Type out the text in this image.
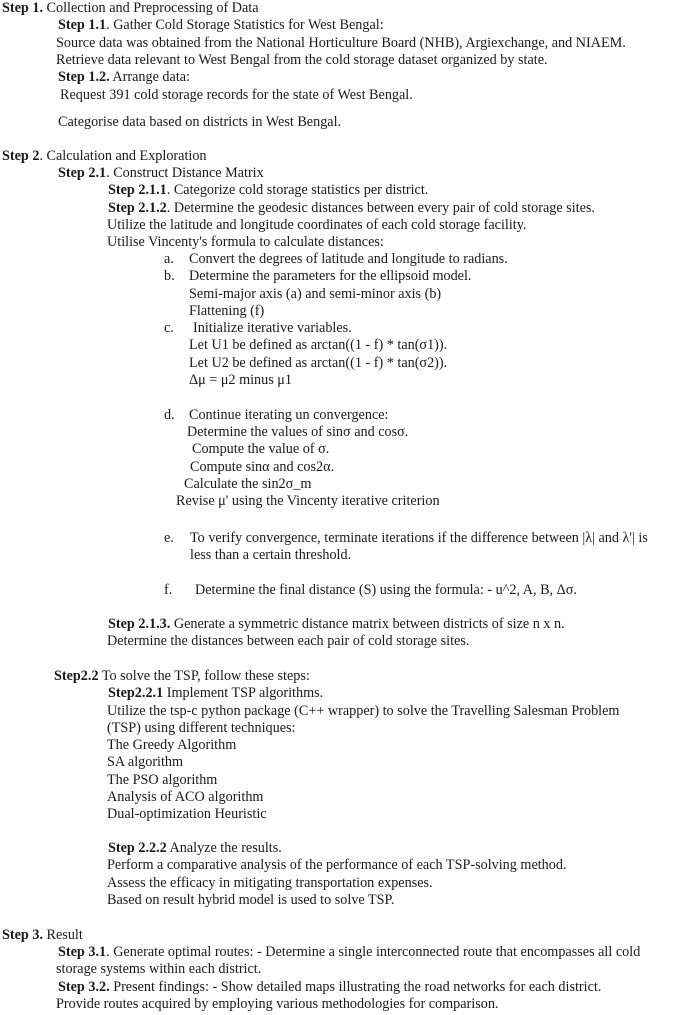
Step 1. Collection and Preprocessing of Data
Step 1.1. Gather Cold Storage Statistics for West Bengal:
Source data was obtained from the National Horticulture Board (NHB), Argiexchange, and NIAEM.
Retrieve data relevant to West Bengal from the cold storage dataset organized by state.
Step 1.2. Arrange data:
Request 391 cold storage records for the state of West Bengal.
Categorise data based on districts in West Bengal.
Step 2. Calculation and Exploration
Step 2.1. Construct Distance Matrix
Step 2.1.1. Categorize cold storage statistics per district.
Step 2.1.2. Determine the geodesic distances between every pair of cold storage sites.
Utilize the latitude and longitude coordinates of each cold storage facility.
Utilise Vincenty's formula to calculate distances:
a. Convert the degrees of latitude and longitude to radians.
b. Determine the parameters for the ellipsoid model.
Semi-major axis (a) and semi-minor axis (b)
Flattening (f)
c. Initialize iterative variables.
Let U1 be defined as arctan((1 - f) * tan(σ1)).
Let U2 be defined as arctan((1 - f) * tan(σ2)).
Δμ = μ2 minus μ1
d. Continue iterating un convergence:
Determine the values of sinσ and cosσ.
Compute the value of σ.
Compute sinα and cos2α.
Calculate the sin2σ_m
Revise μ' using the Vincenty iterative criterion
e. To verify convergence, terminate iterations if the difference between |λ| and λ'| is
less than a certain threshold.
f. Determine the final distance (S) using the formula: - u^2, A, B, Δσ.
Step 2.1.3. Generate a symmetric distance matrix between districts of size n x n.
Determine the distances between each pair of cold storage sites.
Step2.2 To solve the TSP, follow these steps:
Step2.2.1 Implement TSP algorithms.
Utilize the tsp-c python package (C++ wrapper) to solve the Travelling Salesman Problem
(TSP) using different techniques:
The Greedy Algorithm
SA algorithm
The PSO algorithm
Analysis of ACO algorithm
Dual-optimization Heuristic
Step 2.2.2 Analyze the results.
Perform a comparative analysis of the performance of each TSP-solving method.
Assess the efficacy in mitigating transportation expenses.
Based on result hybrid model is used to solve TSP.
Step 3. Result
Step 3.1. Generate optimal routes: - Determine a single interconnected route that encompasses all cold
storage systems within each district.
Step 3.2. Present findings: - Show detailed maps illustrating the road networks for each district.
Provide routes acquired by employing various methodologies for comparison.
